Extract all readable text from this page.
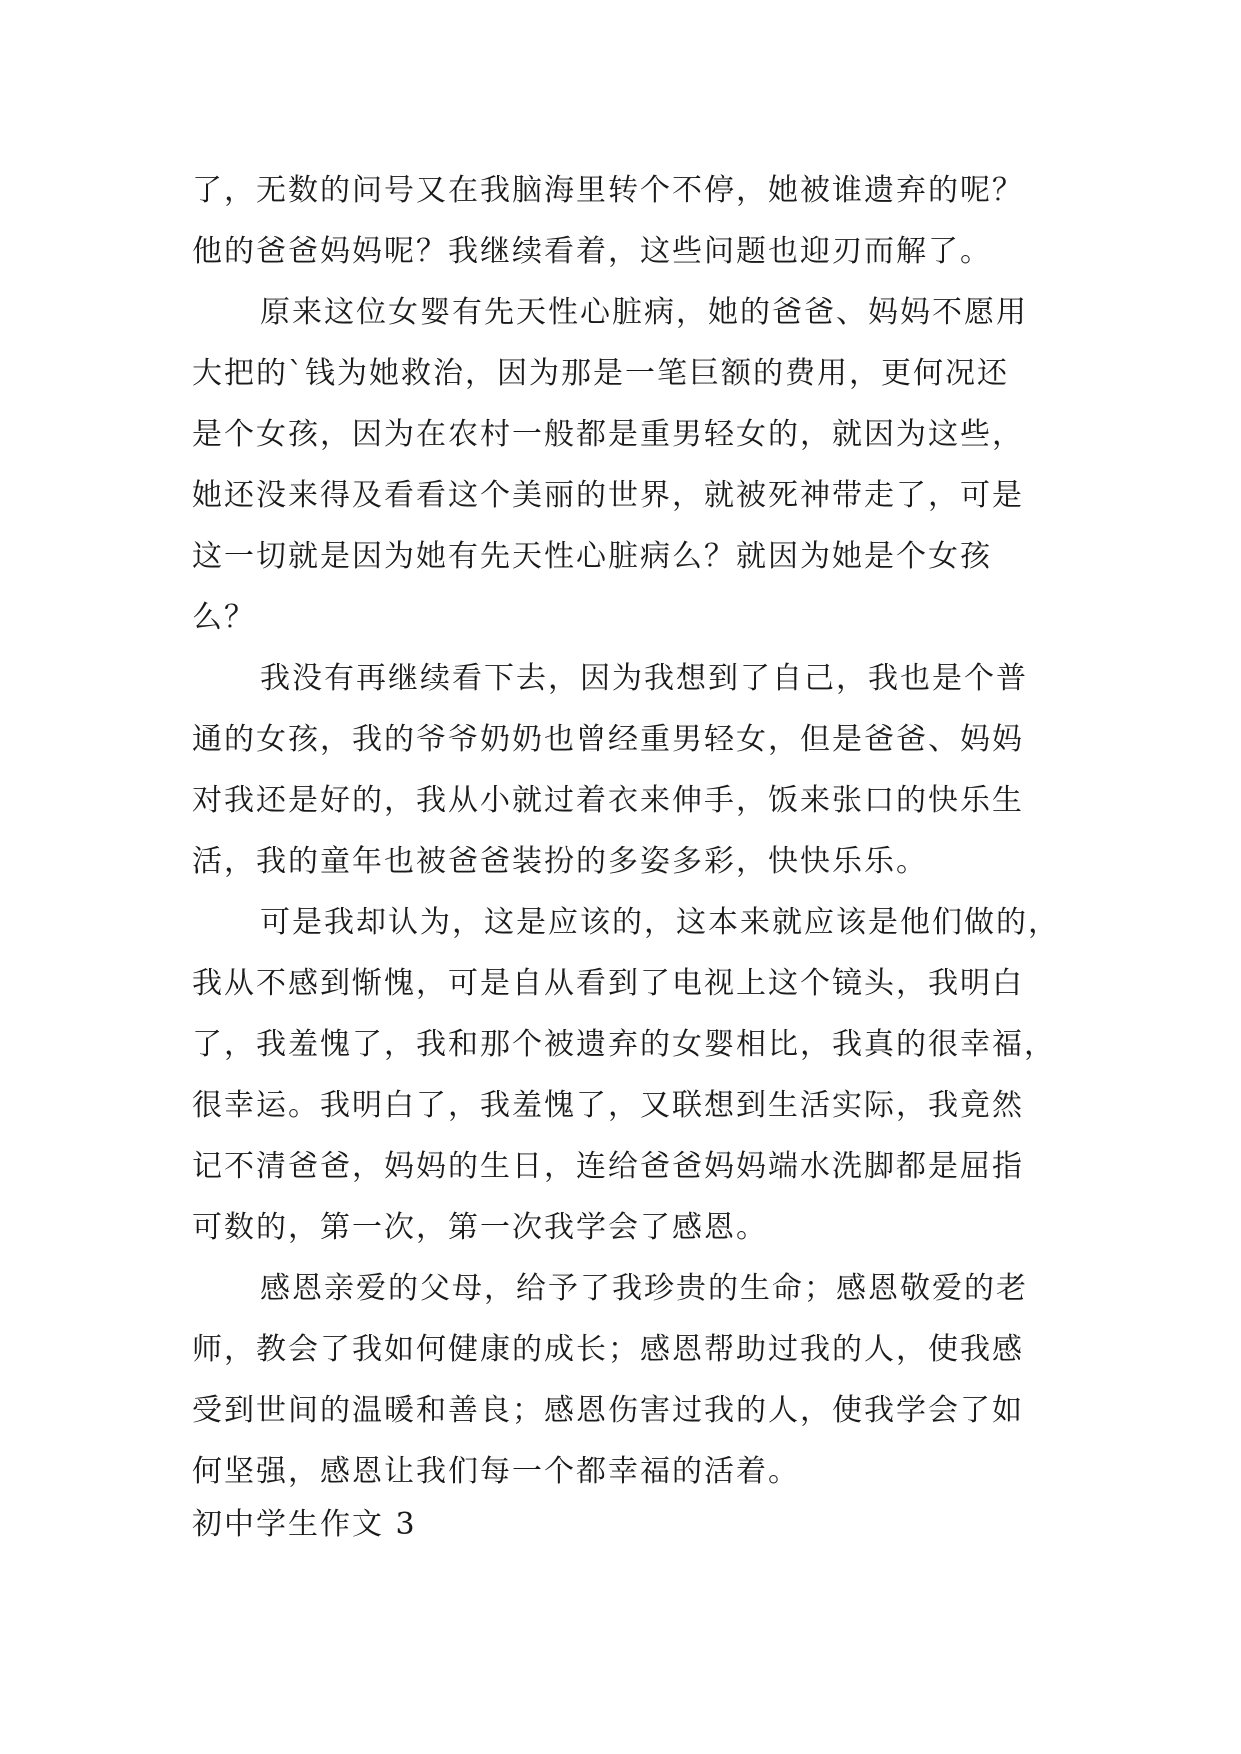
了，无数的问号又在我脑海里转个不停，她被谁遗弃的呢？
他的爸爸妈妈呢？我继续看着，这些问题也迎刃而解了。
原来这位女婴有先天性心脏病，她的爸爸、妈妈不愿用
大把的`钱为她救治，因为那是一笔巨额的费用，更何况还
是个女孩，因为在农村一般都是重男轻女的，就因为这些，
她还没来得及看看这个美丽的世界，就被死神带走了，可是
这一切就是因为她有先天性心脏病么？就因为她是个女孩
么？
我没有再继续看下去，因为我想到了自己，我也是个普
通的女孩，我的爷爷奶奶也曾经重男轻女，但是爸爸、妈妈
对我还是好的，我从小就过着衣来伸手，饭来张口的快乐生
活，我的童年也被爸爸装扮的多姿多彩，快快乐乐。
可是我却认为，这是应该的，这本来就应该是他们做的，
我从不感到惭愧，可是自从看到了电视上这个镜头，我明白
了，我羞愧了，我和那个被遗弃的女婴相比，我真的很幸福，
很幸运。我明白了，我羞愧了，又联想到生活实际，我竟然
记不清爸爸，妈妈的生日，连给爸爸妈妈端水洗脚都是屈指
可数的，第一次，第一次我学会了感恩。
感恩亲爱的父母，给予了我珍贵的生命；感恩敬爱的老
师，教会了我如何健康的成长；感恩帮助过我的人，使我感
受到世间的温暖和善良；感恩伤害过我的人，使我学会了如
何坚强，感恩让我们每一个都幸福的活着。
初中学生作文 3
